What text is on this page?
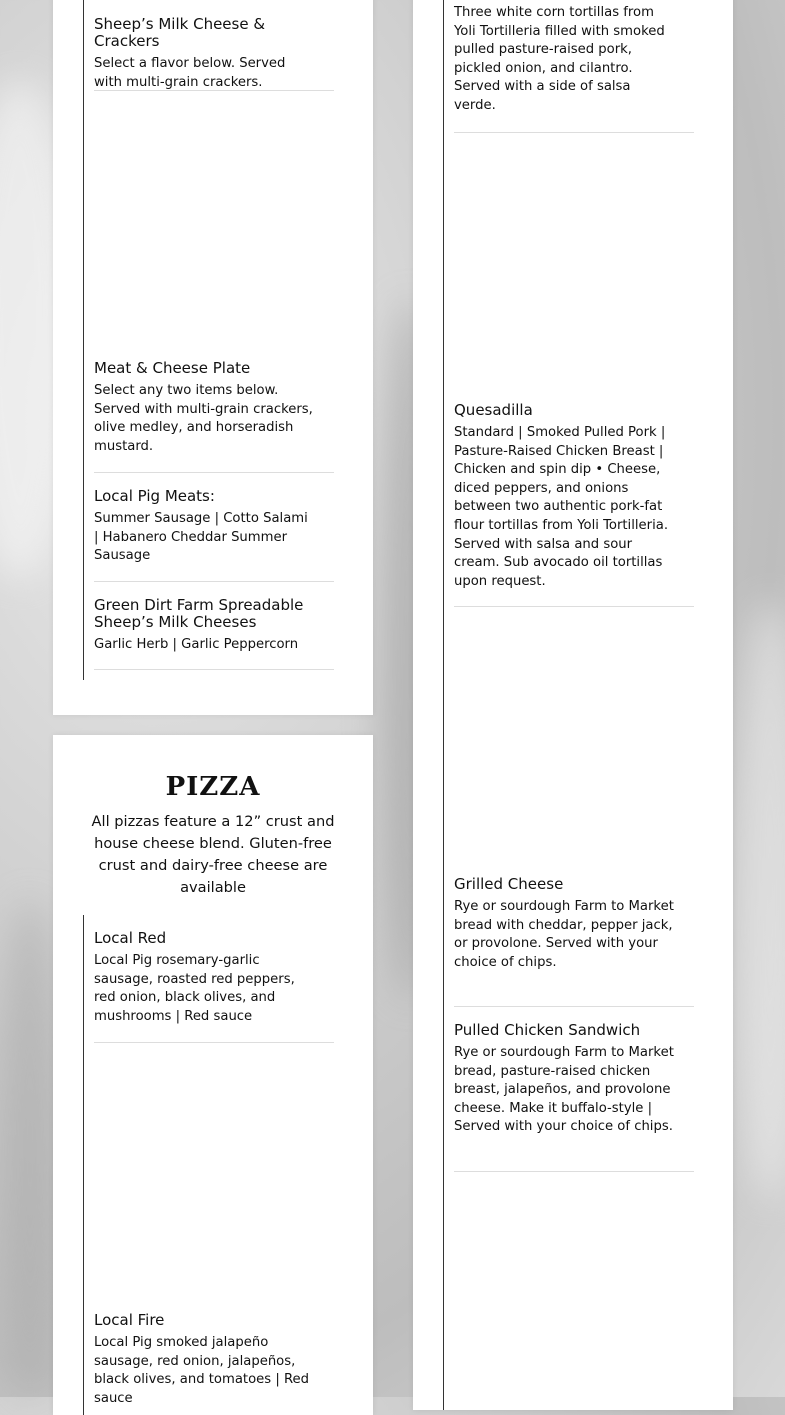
Sheep’s Milk Cheese & Crackers

Select a flavor below. Served with multi-grain crackers.

Meat & Cheese Plate

Select any two items below. Served with multi-grain crackers, olive medley, and horseradish mustard.

Local Pig Meats:

Summer Sausage | Cotto Salami | Habanero Cheddar Summer Sausage

Green Dirt Farm Spreadable Sheep’s Milk Cheeses

Garlic Herb | Garlic Peppercorn

PIZZA
All pizzas feature a 12” crust and house cheese blend. Gluten-free crust and dairy-free cheese are available

Local Red

Local Pig rosemary-garlic sausage, roasted red peppers, red onion, black olives, and mushrooms | Red sauce

Local Fire

Local Pig smoked jalapeño sausage, red onion, jalapeños, black olives, and tomatoes | Red sauce

Three white corn tortillas from Yoli Tortilleria filled with smoked pulled pasture-raised pork, pickled onion, and cilantro. Served with a side of salsa verde.

Quesadilla

Standard | Smoked Pulled Pork | Pasture-Raised Chicken Breast | Chicken and spin dip • Cheese, diced peppers, and onions between two authentic pork-fat flour tortillas from Yoli Tortilleria. Served with salsa and sour cream. Sub avocado oil tortillas upon request.

Grilled Cheese

Rye or sourdough Farm to Market bread with cheddar, pepper jack, or provolone. Served with your choice of chips.

Pulled Chicken Sandwich

Rye or sourdough Farm to Market bread, pasture-raised chicken breast, jalapeños, and provolone cheese. Make it buffalo-style | Served with your choice of chips.
